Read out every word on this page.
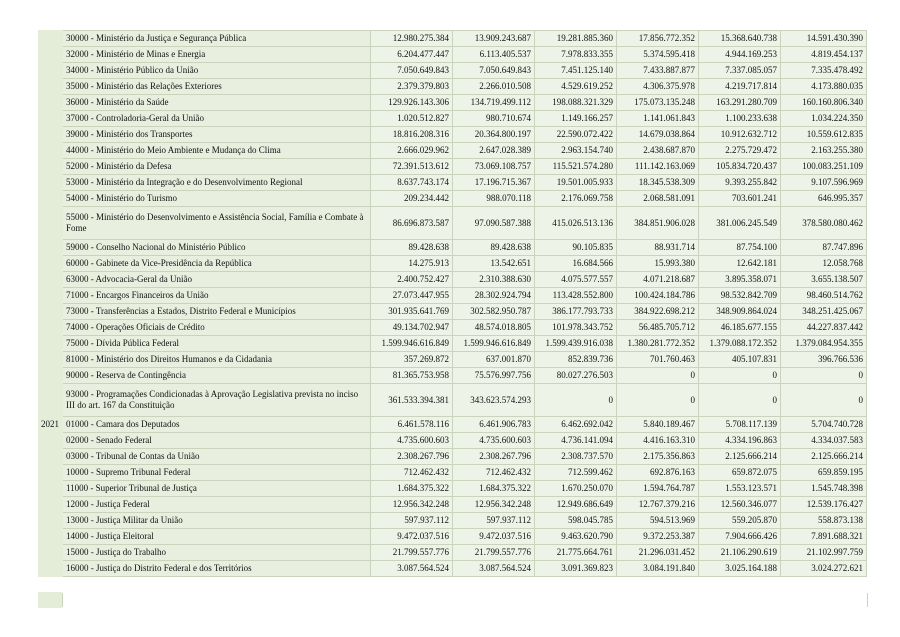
	30000 - Ministério da Justiça e Segurança Pública	12.980.275.384	13.909.243.687	19.281.885.360	17.856.772.352	15.368.640.738	14.591.430.390
	32000 - Ministério de Minas e Energia	6.204.477.447	6.113.405.537	7.978.833.355	5.374.595.418	4.944.169.253	4.819.454.137
	34000 - Ministério Público da União	7.050.649.843	7.050.649.843	7.451.125.140	7.433.887.877	7.337.085.057	7.335.478.492
	35000 - Ministério das Relações Exteriores	2.379.379.803	2.266.010.508	4.529.619.252	4.306.375.978	4.219.717.814	4.173.880.035
	36000 - Ministério da Saúde	129.926.143.306	134.719.499.112	198.088.321.329	175.073.135.248	163.291.280.709	160.160.806.340
	37000 - Controladoria-Geral da União	1.020.512.827	980.710.674	1.149.166.257	1.141.061.843	1.100.233.638	1.034.224.350
	39000 - Ministério dos Transportes	18.816.208.316	20.364.800.197	22.590.072.422	14.679.038.864	10.912.632.712	10.559.612.835
	44000 - Ministério do Meio Ambiente e Mudança do Clima	2.666.029.962	2.647.028.389	2.963.154.740	2.438.687.870	2.275.729.472	2.163.255.380
	52000 - Ministério da Defesa	72.391.513.612	73.069.108.757	115.521.574.280	111.142.163.069	105.834.720.437	100.083.251.109
	53000 - Ministério da Integração e do Desenvolvimento Regional	8.637.743.174	17.196.715.367	19.501.005.933	18.345.538.309	9.393.255.842	9.107.596.969
	54000 - Ministério do Turismo	209.234.442	988.070.118	2.176.069.758	2.068.581.091	703.601.241	646.995.357
	55000 - Ministério do Desenvolvimento e Assistência Social, Família e Combate à Fome	86.696.873.587	97.090.587.388	415.026.513.136	384.851.906.028	381.006.245.549	378.580.080.462
	59000 - Conselho Nacional do Ministério Público	89.428.638	89.428.638	90.105.835	88.931.714	87.754.100	87.747.896
	60000 - Gabinete da Vice-Presidência da República	14.275.913	13.542.651	16.684.566	15.993.380	12.642.181	12.058.768
	63000 - Advocacia-Geral da União	2.400.752.427	2.310.388.630	4.075.577.557	4.071.218.687	3.895.358.071	3.655.138.507
	71000 - Encargos Financeiros da União	27.073.447.955	28.302.924.794	113.428.552.800	100.424.184.786	98.532.842.709	98.460.514.762
	73000 - Transferências a Estados, Distrito Federal e Municípios	301.935.641.769	302.582.950.787	386.177.793.733	384.922.698.212	348.909.864.024	348.251.425.067
	74000 - Operações Oficiais de Crédito	49.134.702.947	48.574.018.805	101.978.343.752	56.485.705.712	46.185.677.155	44.227.837.442
	75000 - Dívida Pública Federal	1.599.946.616.849	1.599.946.616.849	1.599.439.916.038	1.380.281.772.352	1.379.088.172.352	1.379.084.954.355
	81000 - Ministério dos Direitos Humanos e da Cidadania	357.269.872	637.001.870	852.839.736	701.760.463	405.107.831	396.766.536
	90000 - Reserva de Contingência	81.365.753.958	75.576.997.756	80.027.276.503	0	0	0
	93000 - Programações Condicionadas à Aprovação Legislativa prevista no inciso III do art. 167 da Constituição	361.533.394.381	343.623.574.293	0	0	0	0
2021	01000 - Camara dos Deputados	6.461.578.116	6.461.906.783	6.462.692.042	5.840.189.467	5.708.117.139	5.704.740.728
	02000 - Senado Federal	4.735.600.603	4.735.600.603	4.736.141.094	4.416.163.310	4.334.196.863	4.334.037.583
	03000 - Tribunal de Contas da União	2.308.267.796	2.308.267.796	2.308.737.570	2.175.356.863	2.125.666.214	2.125.666.214
	10000 - Supremo Tribunal Federal	712.462.432	712.462.432	712.599.462	692.876.163	659.872.075	659.859.195
	11000 - Superior Tribunal de Justiça	1.684.375.322	1.684.375.322	1.670.250.070	1.594.764.787	1.553.123.571	1.545.748.398
	12000 - Justiça Federal	12.956.342.248	12.956.342.248	12.949.686.649	12.767.379.216	12.560.346.077	12.539.176.427
	13000 - Justiça Militar da União	597.937.112	597.937.112	598.045.785	594.513.969	559.205.870	558.873.138
	14000 - Justiça Eleitoral	9.472.037.516	9.472.037.516	9.463.620.790	9.372.253.387	7.904.666.426	7.891.688.321
	15000 - Justiça do Trabalho	21.799.557.776	21.799.557.776	21.775.664.761	21.296.031.452	21.106.290.619	21.102.997.759
	16000 - Justiça do Distrito Federal e dos Territórios	3.087.564.524	3.087.564.524	3.091.369.823	3.084.191.840	3.025.164.188	3.024.272.621
